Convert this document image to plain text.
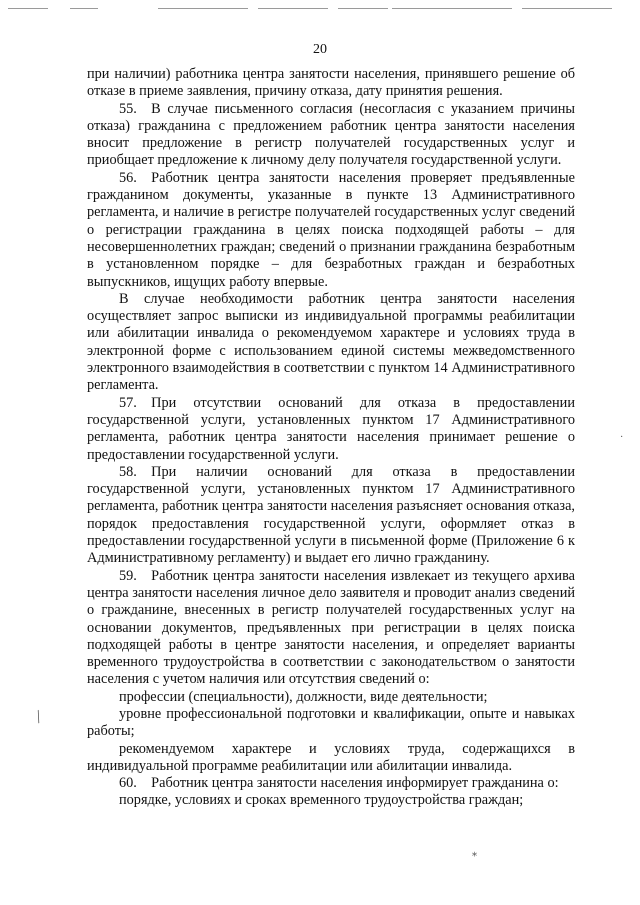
20

при наличии) работника центра занятости населения, принявшего решение об отказе в приеме заявления, причину отказа, дату принятия решения.

55. В случае письменного согласия (несогласия с указанием причины отказа) гражданина с предложением работник центра занятости населения вносит предложение в регистр получателей государственных услуг и приобщает предложение к личному делу получателя государственной услуги.

56. Работник центра занятости населения проверяет предъявленные гражданином документы, указанные в пункте 13 Административного регламента, и наличие в регистре получателей государственных услуг сведений о регистрации гражданина в целях поиска подходящей работы – для несовершеннолетних граждан; сведений о признании гражданина безработным в установленном порядке – для безработных граждан и безработных выпускников, ищущих работу впервые.

В случае необходимости работник центра занятости населения осуществляет запрос выписки из индивидуальной программы реабилитации или абилитации инвалида о рекомендуемом характере и условиях труда в электронной форме с использованием единой системы межведомственного электронного взаимодействия в соответствии с пунктом 14 Административного регламента.

57. При отсутствии оснований для отказа в предоставлении государственной услуги, установленных пунктом 17 Административного регламента, работник центра занятости населения принимает решение о предоставлении государственной услуги.

58. При наличии оснований для отказа в предоставлении государственной услуги, установленных пунктом 17 Административного регламента, работник центра занятости населения разъясняет основания отказа, порядок предоставления государственной услуги, оформляет отказ в предоставлении государственной услуги в письменной форме (Приложение 6 к Административному регламенту) и выдает его лично гражданину.

59. Работник центра занятости населения извлекает из текущего архива центра занятости населения личное дело заявителя и проводит анализ сведений о гражданине, внесенных в регистр получателей государственных услуг на основании документов, предъявленных при регистрации в целях поиска подходящей работы в центре занятости населения, и определяет варианты временного трудоустройства в соответствии с законодательством о занятости населения с учетом наличия или отсутствия сведений о:

профессии (специальности), должности, виде деятельности;

уровне профессиональной подготовки и квалификации, опыте и навыках работы;

рекомендуемом характере и условиях труда, содержащихся в индивидуальной программе реабилитации или абилитации инвалида.

60. Работник центра занятости населения информирует гражданина о:

порядке, условиях и сроках временного трудоустройства граждан;

╱
⁎
·
